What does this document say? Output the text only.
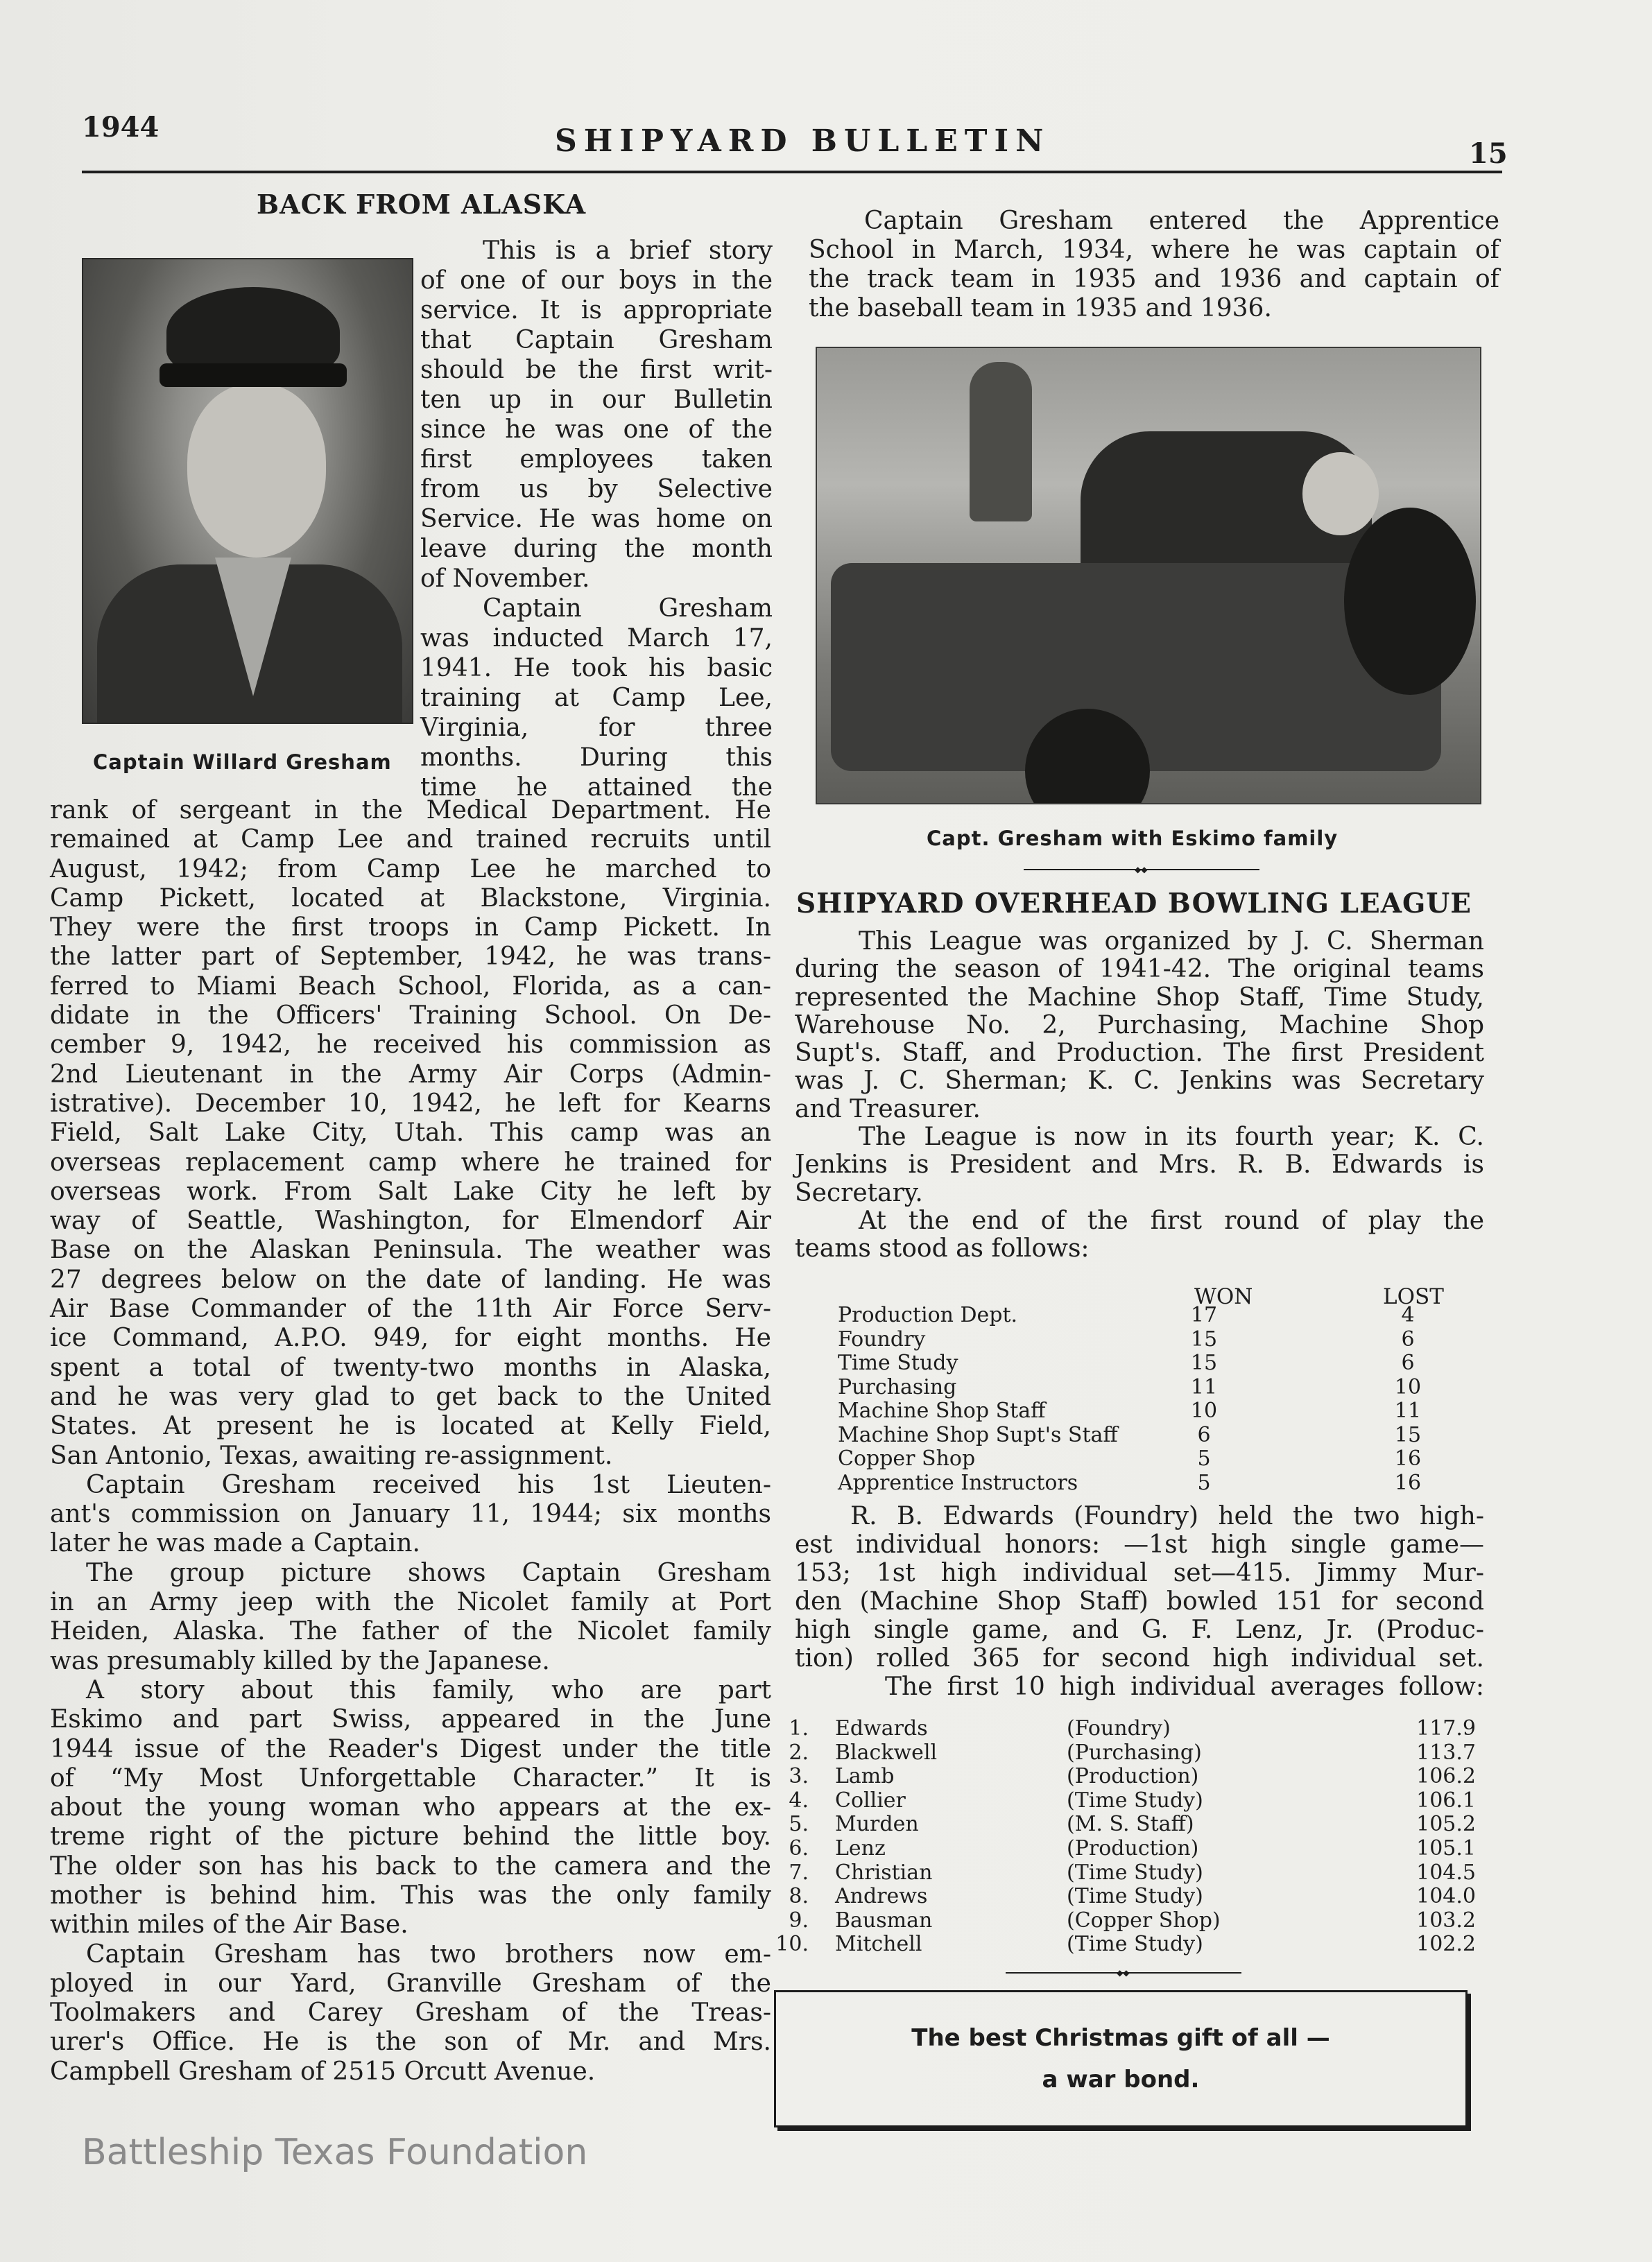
1944	SHIPYARD BULLETIN	15
BACK FROM ALASKA
Captain Willard Gresham
This is a brief story
of one of our boys in the
service. It is appropriate
that Captain Gresham
should be the first writ-
ten up in our Bulletin
since he was one of the
first employees taken
from us by Selective
Service. He was home on
leave during the month
of November.
Captain Gresham
was inducted March 17,
1941. He took his basic
training at Camp Lee,
Virginia, for three
months. During this
time he attained the
rank of sergeant in the Medical Department. He
remained at Camp Lee and trained recruits until
August, 1942; from Camp Lee he marched to
Camp Pickett, located at Blackstone, Virginia.
They were the first troops in Camp Pickett. In
the latter part of September, 1942, he was trans-
ferred to Miami Beach School, Florida, as a can-
didate in the Officers' Training School. On De-
cember 9, 1942, he received his commission as
2nd Lieutenant in the Army Air Corps (Admin-
istrative). December 10, 1942, he left for Kearns
Field, Salt Lake City, Utah. This camp was an
overseas replacement camp where he trained for
overseas work. From Salt Lake City he left by
way of Seattle, Washington, for Elmendorf Air
Base on the Alaskan Peninsula. The weather was
27 degrees below on the date of landing. He was
Air Base Commander of the 11th Air Force Serv-
ice Command, A.P.O. 949, for eight months. He
spent a total of twenty-two months in Alaska,
and he was very glad to get back to the United
States. At present he is located at Kelly Field,
San Antonio, Texas, awaiting re-assignment.
Captain Gresham received his 1st Lieuten-
ant's commission on January 11, 1944; six months
later he was made a Captain.
The group picture shows Captain Gresham
in an Army jeep with the Nicolet family at Port
Heiden, Alaska. The father of the Nicolet family
was presumably killed by the Japanese.
A story about this family, who are part
Eskimo and part Swiss, appeared in the June
1944 issue of the Reader's Digest under the title
of “My Most Unforgettable Character.” It is
about the young woman who appears at the ex-
treme right of the picture behind the little boy.
The older son has his back to the camera and the
mother is behind him. This was the only family
within miles of the Air Base.
Captain Gresham has two brothers now em-
ployed in our Yard, Granville Gresham of the
Toolmakers and Carey Gresham of the Treas-
urer's Office. He is the son of Mr. and Mrs.
Campbell Gresham of 2515 Orcutt Avenue.
Captain Gresham entered the Apprentice
School in March, 1934, where he was captain of
the track team in 1935 and 1936 and captain of
the baseball team in 1935 and 1936.
Capt. Gresham with Eskimo family
◆◆
SHIPYARD OVERHEAD BOWLING LEAGUE
This League was organized by J. C. Sherman
during the season of 1941-42. The original teams
represented the Machine Shop Staff, Time Study,
Warehouse No. 2, Purchasing, Machine Shop
Supt's. Staff, and Production. The first President
was J. C. Sherman; K. C. Jenkins was Secretary
and Treasurer.
The League is now in its fourth year; K. C.
Jenkins is President and Mrs. R. B. Edwards is
Secretary.
At the end of the first round of play the
teams stood as follows:
WON	LOST
Production Dept.	17	4
Foundry	15	6
Time Study	15	6
Purchasing	11	10
Machine Shop Staff	10	11
Machine Shop Supt's Staff	6	15
Copper Shop	5	16
Apprentice Instructors	5	16
R. B. Edwards (Foundry) held the two high-
est individual honors: —1st high single game—
153; 1st high individual set—415. Jimmy Mur-
den (Machine Shop Staff) bowled 151 for second
high single game, and G. F. Lenz, Jr. (Produc-
tion) rolled 365 for second high individual set.
The first 10 high individual averages follow:
1. Edwards	(Foundry)	117.9
2. Blackwell	(Purchasing)	113.7
3. Lamb	(Production)	106.2
4. Collier	(Time Study)	106.1
5. Murden	(M. S. Staff)	105.2
6. Lenz	(Production)	105.1
7. Christian	(Time Study)	104.5
8. Andrews	(Time Study)	104.0
9. Bausman	(Copper Shop)	103.2
10. Mitchell	(Time Study)	102.2
◆◆
The best Christmas gift of all —
a war bond.
Battleship Texas Foundation
